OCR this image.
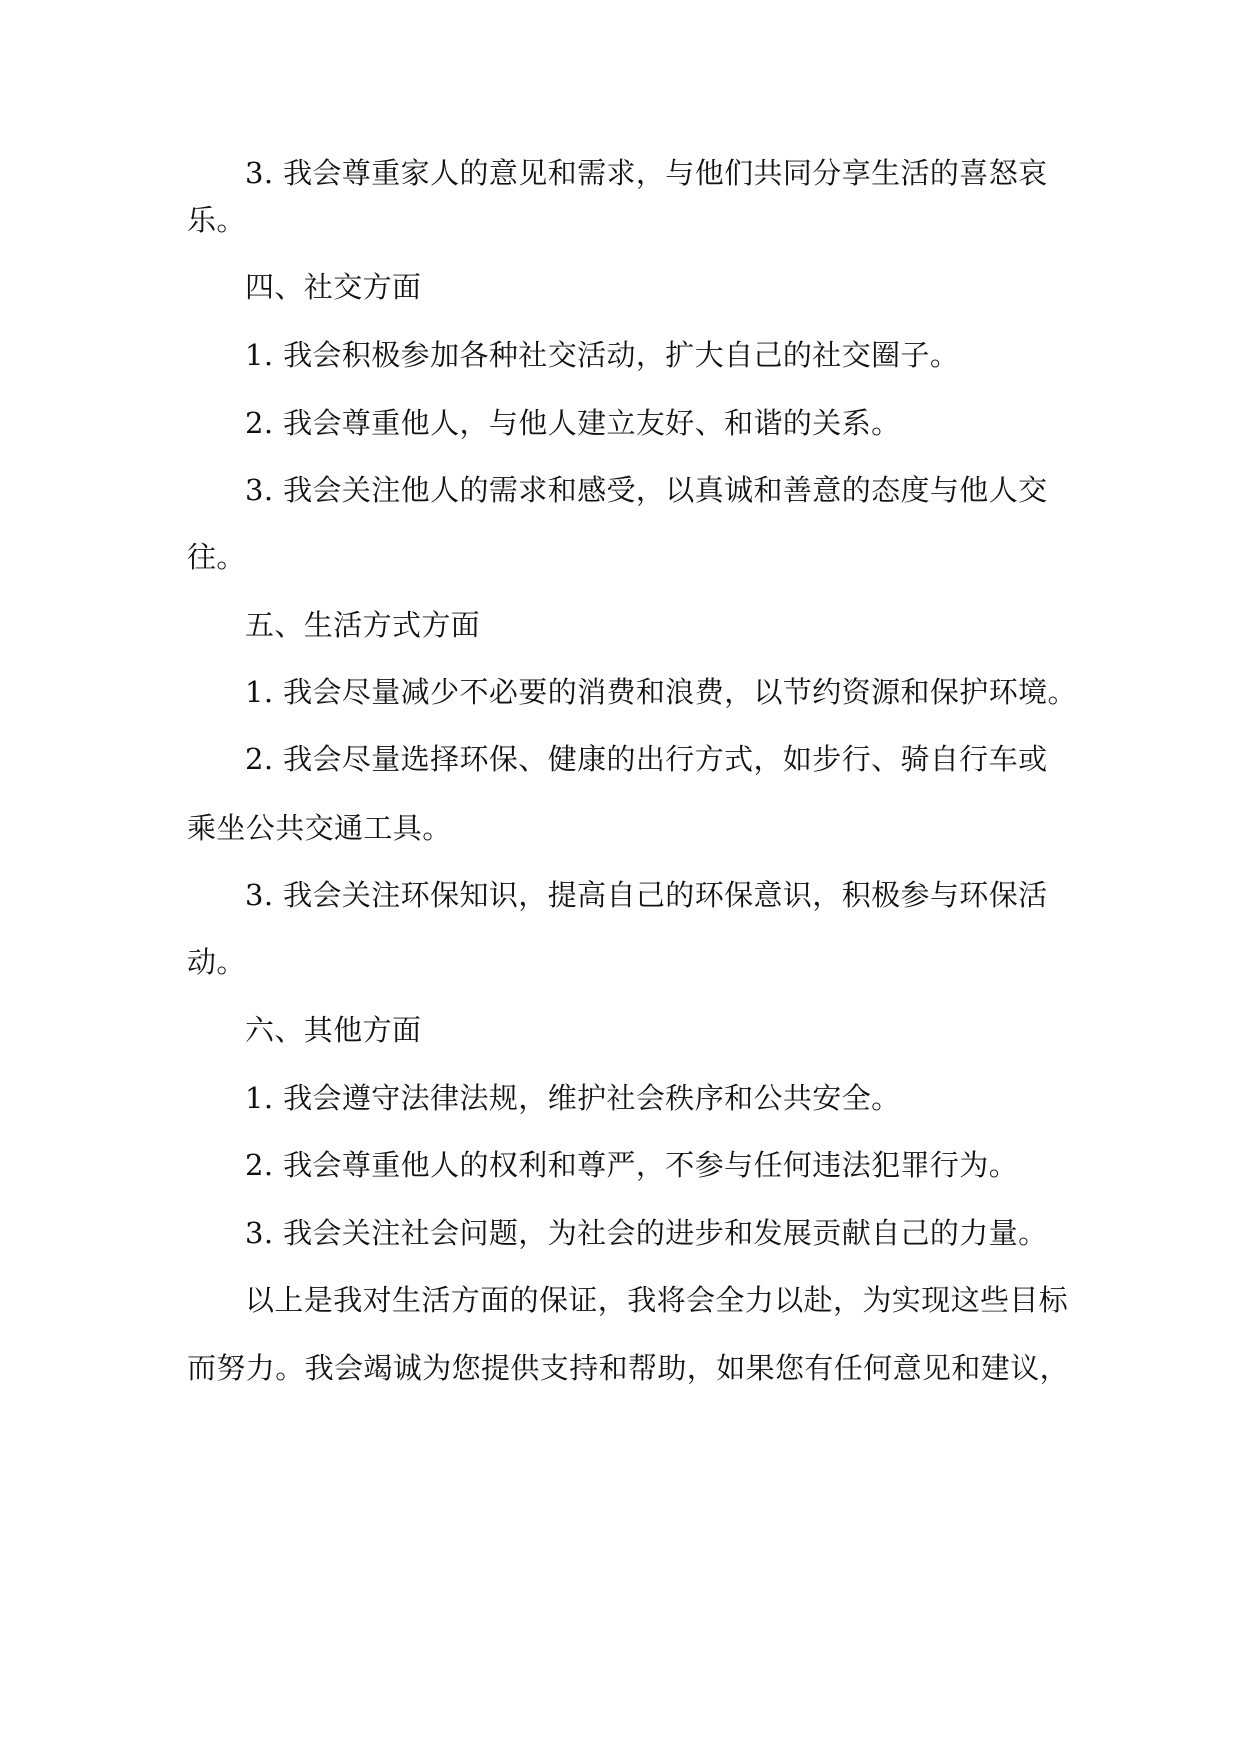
3. 我会尊重家人的意见和需求，与他们共同分享生活的喜怒哀
乐。
四、社交方面
1. 我会积极参加各种社交活动，扩大自己的社交圈子。
2. 我会尊重他人，与他人建立友好、和谐的关系。
3. 我会关注他人的需求和感受，以真诚和善意的态度与他人交
往。
五、生活方式方面
1. 我会尽量减少不必要的消费和浪费，以节约资源和保护环境。
2. 我会尽量选择环保、健康的出行方式，如步行、骑自行车或
乘坐公共交通工具。
3. 我会关注环保知识，提高自己的环保意识，积极参与环保活
动。
六、其他方面
1. 我会遵守法律法规，维护社会秩序和公共安全。
2. 我会尊重他人的权利和尊严，不参与任何违法犯罪行为。
3. 我会关注社会问题，为社会的进步和发展贡献自己的力量。
以上是我对生活方面的保证，我将会全力以赴，为实现这些目标
而努力。我会竭诚为您提供支持和帮助，如果您有任何意见和建议，
